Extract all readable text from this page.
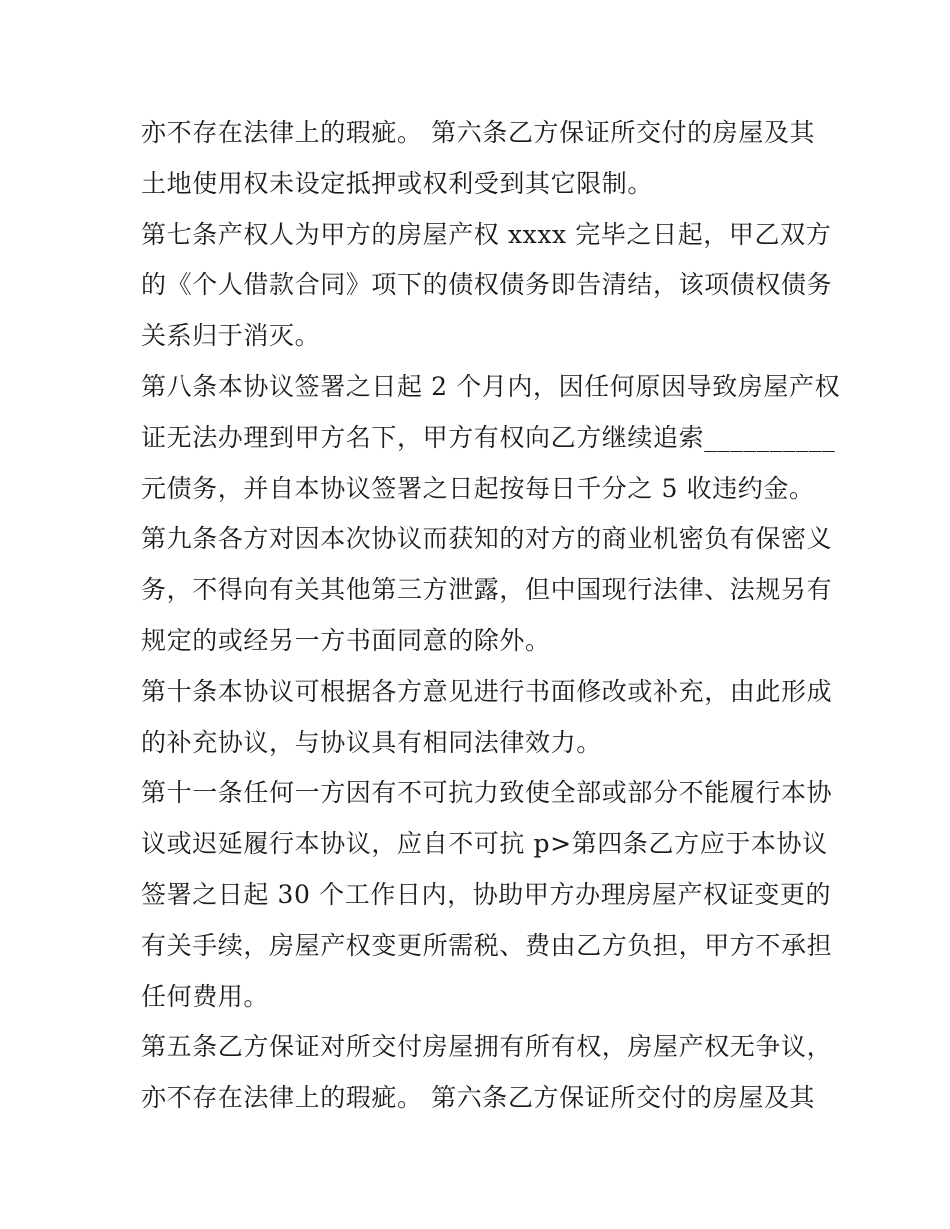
亦不存在法律上的瑕疵。 第六条乙方保证所交付的房屋及其
土地使用权未设定抵押或权利受到其它限制。

第七条产权人为甲方的房屋产权 xxxx 完毕之日起，甲乙双方
的《个人借款合同》项下的债权债务即告清结，该项债权债务
关系归于消灭。

第八条本协议签署之日起 2 个月内，因任何原因导致房屋产权
证无法办理到甲方名下，甲方有权向乙方继续追索__________
元债务，并自本协议签署之日起按每日千分之 5 收违约金。

第九条各方对因本次协议而获知的对方的商业机密负有保密义
务，不得向有关其他第三方泄露，但中国现行法律、法规另有
规定的或经另一方书面同意的除外。

第十条本协议可根据各方意见进行书面修改或补充，由此形成
的补充协议，与协议具有相同法律效力。

第十一条任何一方因有不可抗力致使全部或部分不能履行本协
议或迟延履行本协议，应自不可抗 p>第四条乙方应于本协议
签署之日起 30 个工作日内，协助甲方办理房屋产权证变更的
有关手续，房屋产权变更所需税、费由乙方负担，甲方不承担
任何费用。

第五条乙方保证对所交付房屋拥有所有权，房屋产权无争议，
亦不存在法律上的瑕疵。 第六条乙方保证所交付的房屋及其
